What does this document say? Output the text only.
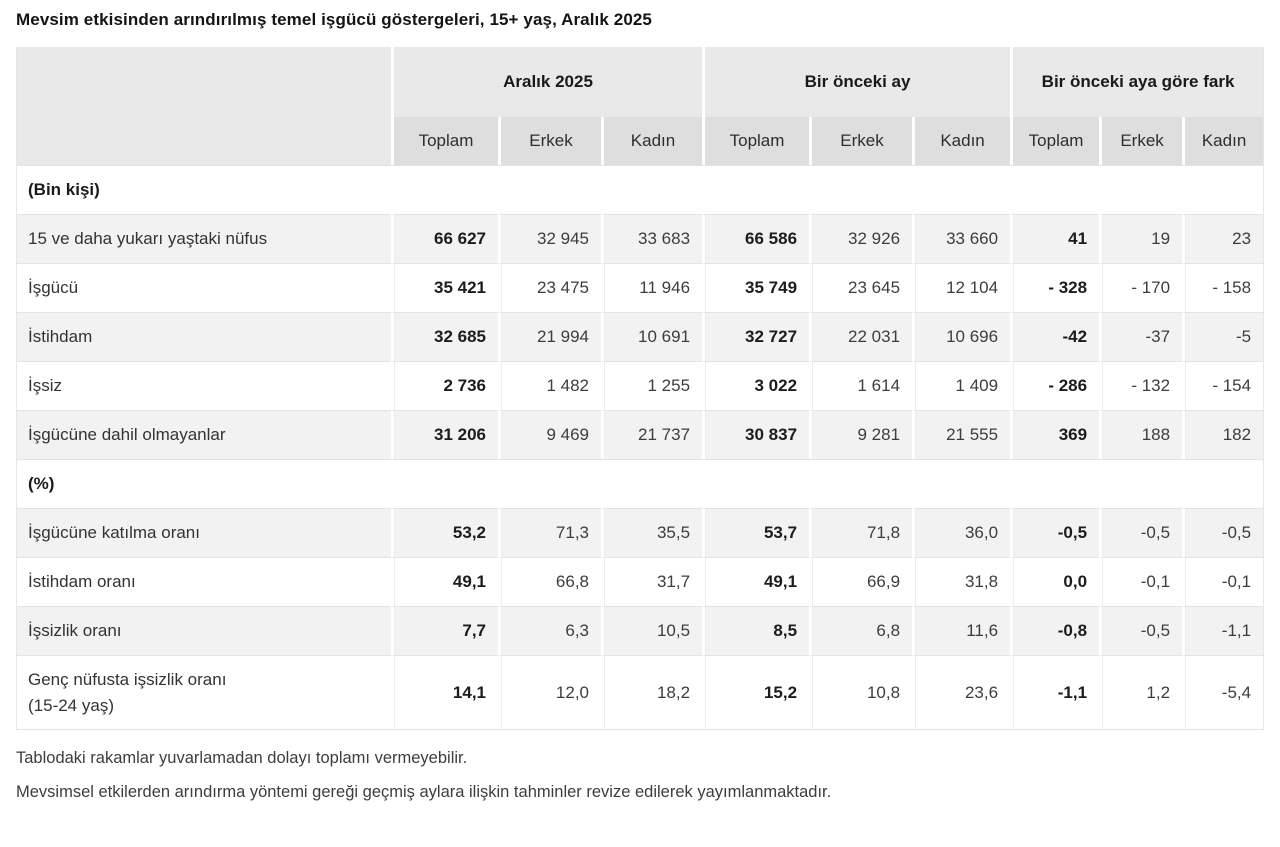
Mevsim etkisinden arındırılmış temel işgücü göstergeleri, 15+ yaş, Aralık 2025
	Aralık 2025			Bir önceki ay			Bir önceki aya göre fark		

	Toplam	Erkek	Kadın	Toplam	Erkek	Kadın	Toplam	Erkek	Kadın
(Bin kişi)									
15 ve daha yukarı yaştaki nüfus	66 627	32 945	33 683	66 586	32 926	33 660	41	19	23
İşgücü	35 421	23 475	11 946	35 749	23 645	12 104	- 328	- 170	- 158
İstihdam	32 685	21 994	10 691	32 727	22 031	10 696	-42	-37	-5
İşsiz	2 736	1 482	1 255	3 022	1 614	1 409	- 286	- 132	- 154
İşgücüne dahil olmayanlar	31 206	9 469	21 737	30 837	9 281	21 555	369	188	182
(%)									
İşgücüne katılma oranı	53,2	71,3	35,5	53,7	71,8	36,0	-0,5	-0,5	-0,5
İstihdam oranı	49,1	66,8	31,7	49,1	66,9	31,8	0,0	-0,1	-0,1
İşsizlik oranı	7,7	6,3	10,5	8,5	6,8	11,6	-0,8	-0,5	-1,1

Genç nüfusta işsizlik oranı
(15-24 yaş)	14,1	12,0	18,2	15,2	10,8	23,6	-1,1	1,2	-5,4

Tablodaki rakamlar yuvarlamadan dolayı toplamı vermeyebilir.

Mevsimsel etkilerden arındırma yöntemi gereği geçmiş aylara ilişkin tahminler revize edilerek yayımlanmaktadır.
